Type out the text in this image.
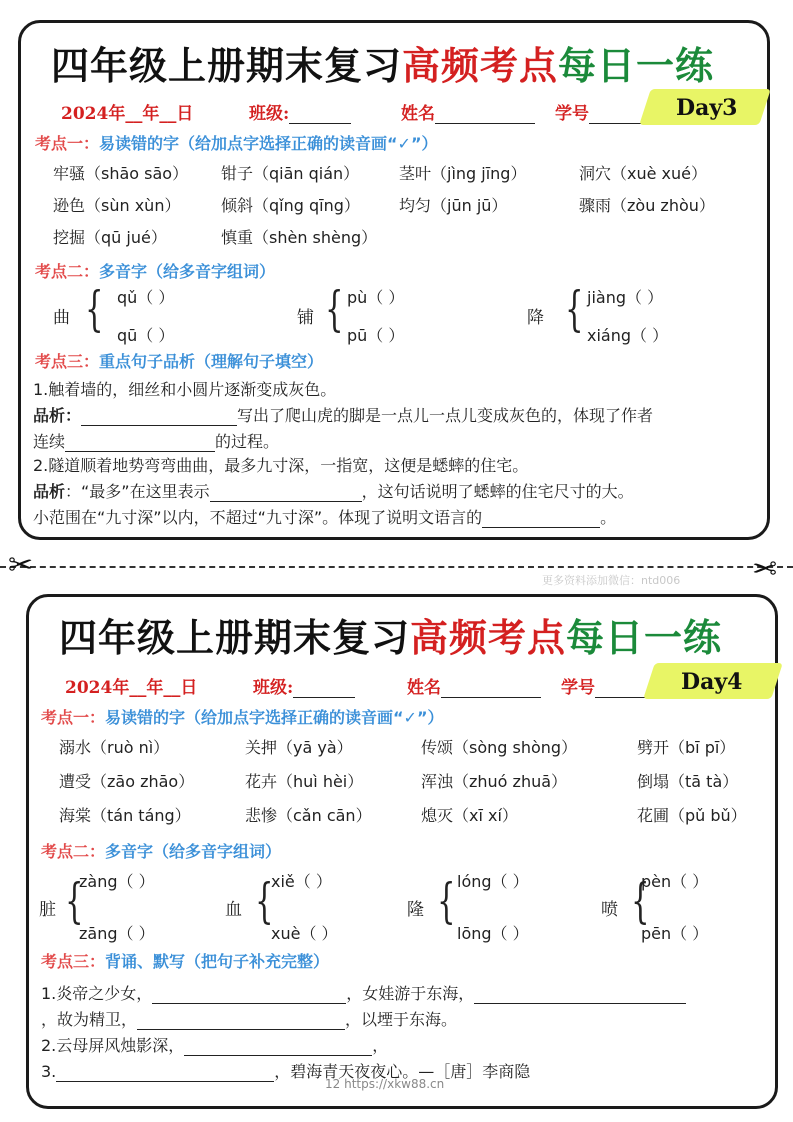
四年级上册期末复习高频考点每日一练
2024年__年__日	班级:	姓名	学号	Day3
考点一：易读错的字（给加点字选择正确的读音画“✓”）
牢骚（shāo sāo） 钳子（qiān qián） 茎叶（jìng jīng）	洞穴（xuè xué）
逊色（sùn xùn）	倾斜（qǐng qīng） 均匀（jūn jū）	骤雨（zòu zhòu）
挖掘（qū jué）	慎重（shèn shèng）
考点二：多音字（给多音字组词）
曲 { qǔ（ ）
qū（ ）
铺 { pù（ ）
pū（ ）
降 { jiàng（ ）
xiáng（ ）
考点三：重点句子品析（理解句子填空）
1.触着墙的，细丝和小圆片逐渐变成灰色。
品析：	写出了爬山虎的脚是一点儿一点儿变成灰色的，体现了作者
连续	的过程。
2.隧道顺着地势弯弯曲曲，最多九寸深，一指宽，这便是蟋蟀的住宅。
品析：“最多”在这里表示	，这句话说明了蟋蟀的住宅尺寸的大。
小范围在“九寸深”以内，不超过“九寸深”。体现了说明文语言的	。
✂	✂
更多资料添加微信：ntd006
四年级上册期末复习高频考点每日一练
2024年__年__日	班级:	姓名	学号	Day4
考点一：易读错的字（给加点字选择正确的读音画“✓”）
溺水（ruò nì）	关押（yā yà）	传颂（sòng shòng）	劈开（bī pī）
遭受（zāo zhāo）	花卉（huì hèi）	浑浊（zhuó zhuā）	倒塌（tā tà）
海棠（tán táng）	悲惨（cǎn cān）	熄灭（xī xí）	花圃（pǔ bǔ）
考点二：多音字（给多音字组词）
脏 {
zàng（ ）
zāng（ ）
血 {
xiě（ ）
xuè（ ）
隆 { lóng（ ）
lōng（ ）
喷 {
pèn（ ）
pēn（ ）
考点三：背诵、默写（把句子补充完整）
1.炎帝之少女，	，女娃游于东海，
，故为精卫，	，以堙于东海。
2.云母屏风烛影深，	，
3.	，碧海青天夜夜心。—［唐］李商隐
12 https://xkw88.cn
